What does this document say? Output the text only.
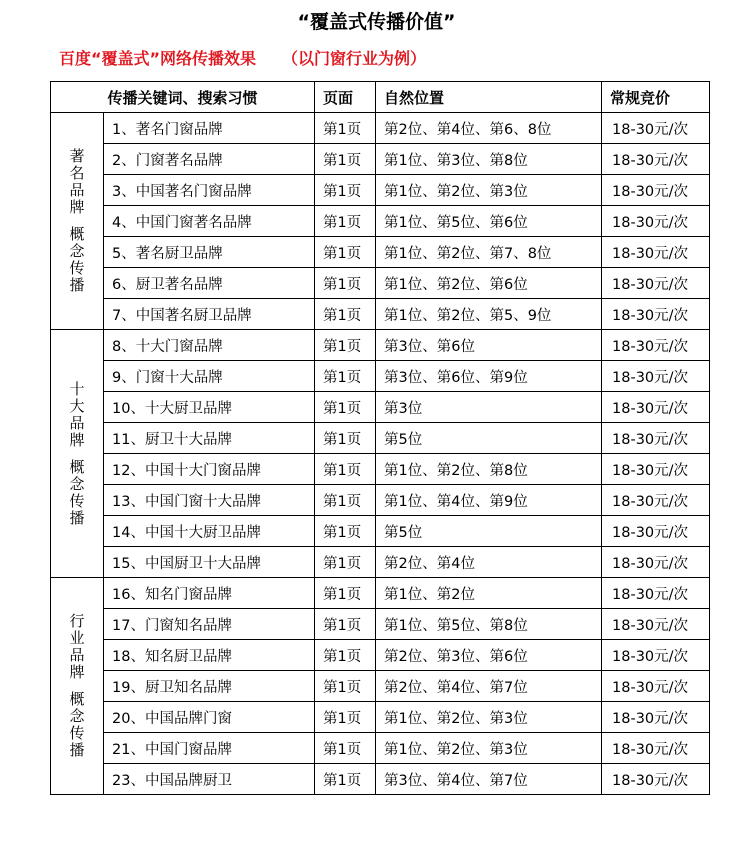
“覆盖式传播价值”
百度“覆盖式”网络传播效果 （以门窗行业为例）
传播关键词、搜索习惯		页面	自然位置	常规竞价

著名品牌
概念传播	1、著名门窗品牌	第1页	第2位、第4位、第6、8位	18-30元/次
	2、门窗著名品牌	第1页	第1位、第3位、第8位	18-30元/次
	3、中国著名门窗品牌	第1页	第1位、第2位、第3位	18-30元/次
	4、中国门窗著名品牌	第1页	第1位、第5位、第6位	18-30元/次
	5、著名厨卫品牌	第1页	第1位、第2位、第7、8位	18-30元/次
	6、厨卫著名品牌	第1页	第1位、第2位、第6位	18-30元/次
	7、中国著名厨卫品牌	第1页	第1位、第2位、第5、9位	18-30元/次

十大品牌
概念传播	8、十大门窗品牌	第1页	第3位、第6位	18-30元/次
	9、门窗十大品牌	第1页	第3位、第6位、第9位	18-30元/次
	10、十大厨卫品牌	第1页	第3位	18-30元/次
	11、厨卫十大品牌	第1页	第5位	18-30元/次
	12、中国十大门窗品牌	第1页	第1位、第2位、第8位	18-30元/次
	13、中国门窗十大品牌	第1页	第1位、第4位、第9位	18-30元/次
	14、中国十大厨卫品牌	第1页	第5位	18-30元/次
	15、中国厨卫十大品牌	第1页	第2位、第4位	18-30元/次

行业品牌
概念传播	16、知名门窗品牌	第1页	第1位、第2位	18-30元/次
	17、门窗知名品牌	第1页	第1位、第5位、第8位	18-30元/次
	18、知名厨卫品牌	第1页	第2位、第3位、第6位	18-30元/次
	19、厨卫知名品牌	第1页	第2位、第4位、第7位	18-30元/次
	20、中国品牌门窗	第1页	第1位、第2位、第3位	18-30元/次
	21、中国门窗品牌	第1页	第1位、第2位、第3位	18-30元/次
	23、中国品牌厨卫	第1页	第3位、第4位、第7位	18-30元/次
